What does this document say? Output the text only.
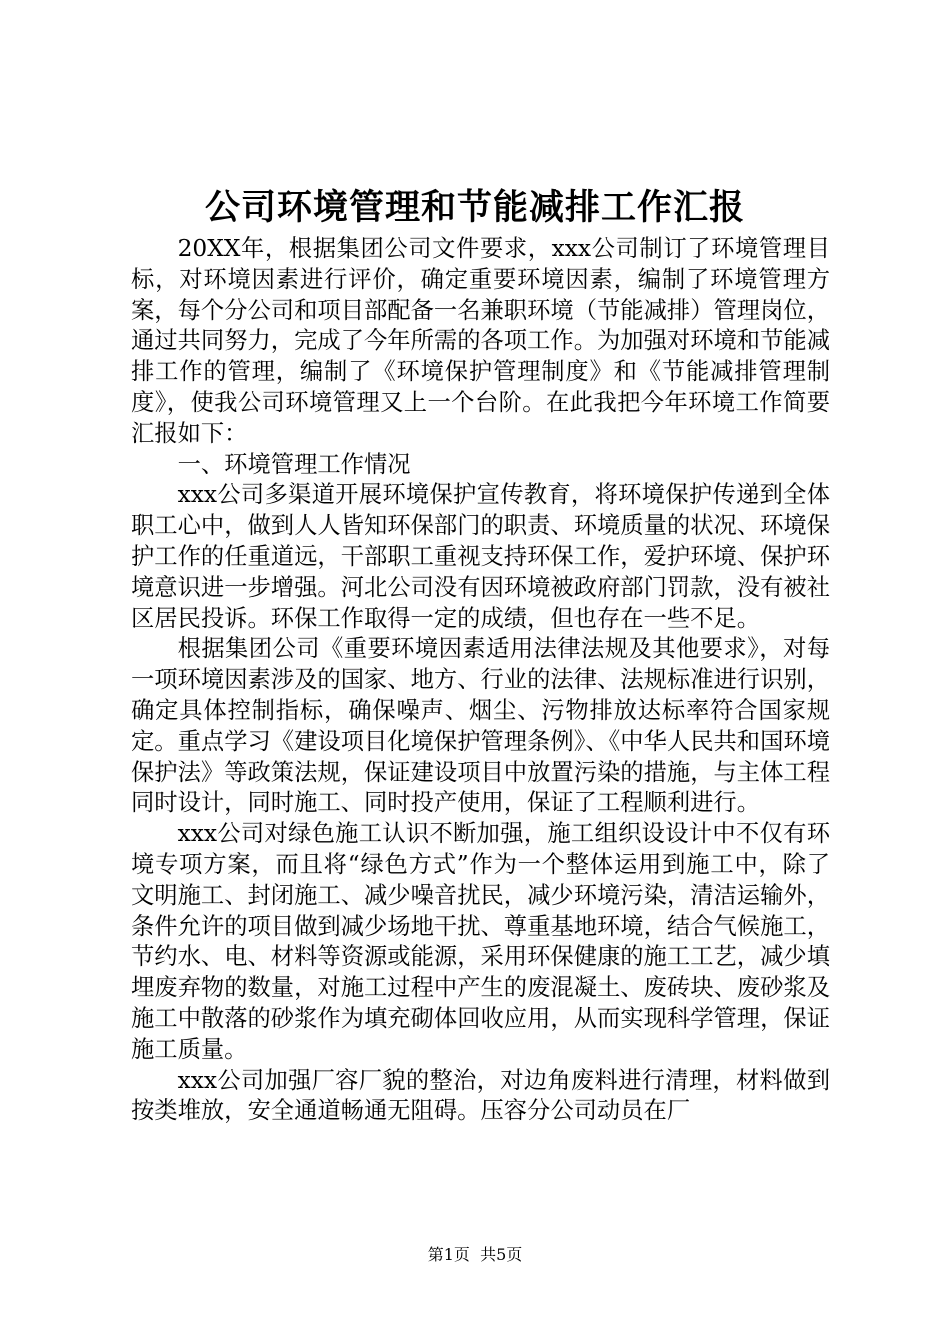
公司环境管理和节能减排工作汇报

20XX年，根据集团公司文件要求，xxx公司制订了环境管理目标，对环境因素进行评价，确定重要环境因素，编制了环境管理方案，每个分公司和项目部配备一名兼职环境（节能减排）管理岗位，通过共同努力，完成了今年所需的各项工作。为加强对环境和节能减排工作的管理，编制了《环境保护管理制度》和《节能减排管理制度》，使我公司环境管理又上一个台阶。在此我把今年环境工作简要汇报如下：

一、环境管理工作情况

xxx公司多渠道开展环境保护宣传教育，将环境保护传递到全体职工心中，做到人人皆知环保部门的职责、环境质量的状况、环境保护工作的任重道远，干部职工重视支持环保工作，爱护环境、保护环境意识进一步增强。河北公司没有因环境被政府部门罚款，没有被社区居民投诉。环保工作取得一定的成绩，但也存在一些不足。

根据集团公司《重要环境因素适用法律法规及其他要求》，对每一项环境因素涉及的国家、地方、行业的法律、法规标准进行识别，确定具体控制指标，确保噪声、烟尘、污物排放达标率符合国家规定。重点学习《建设项目化境保护管理条例》、《中华人民共和国环境保护法》等政策法规，保证建设项目中放置污染的措施，与主体工程同时设计，同时施工、同时投产使用，保证了工程顺利进行。

xxx公司对绿色施工认识不断加强，施工组织设设计中不仅有环境专项方案，而且将“绿色方式”作为一个整体运用到施工中，除了文明施工、封闭施工、减少噪音扰民，减少环境污染，清洁运输外，条件允许的项目做到减少场地干扰、尊重基地环境，结合气候施工，节约水、电、材料等资源或能源，采用环保健康的施工工艺，减少填埋废弃物的数量，对施工过程中产生的废混凝土、废砖块、废砂浆及施工中散落的砂浆作为填充砌体回收应用，从而实现科学管理，保证施工质量。

xxx公司加强厂容厂貌的整治，对边角废料进行清理，材料做到按类堆放，安全通道畅通无阻碍。压容分公司动员在厂

第1页  共5页
